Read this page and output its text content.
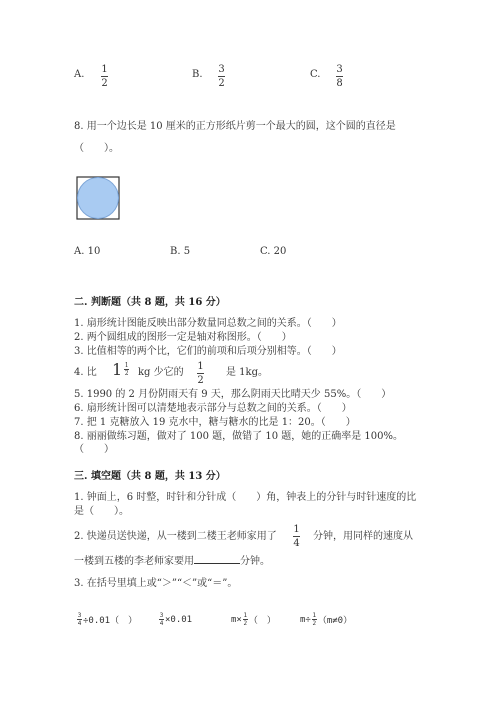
A. 1
2
B. 3
2
C. 3
8
8. 用一个边长是 10 厘米的正方形纸片剪一个最大的圆，这个圆的直径是
（　　）。
A. 10	B. 5	C. 20
二. 判断题（共 8 题，共 16 分）
1. 扇形统计图能反映出部分数量同总数之间的关系。（　　）
2. 两个圆组成的图形一定是轴对称图形。（　　）
3. 比值相等的两个比，它们的前项和后项分别相等。（　　）
4. 比 1 1
2 kg 少它的
1
2
是 1kg。
5. 1990 的 2 月份阴雨天有 9 天，那么阴雨天比晴天少 55%。（　　）
6. 扇形统计图可以清楚地表示部分与总数之间的关系。（　　）
7. 把 1 克糖放入 19 克水中，糖与糖水的比是 1：20。（　　）
8. 丽丽做练习题，做对了 100 题，做错了 10 题，她的正确率是 100%。
（　　）
三. 填空题（共 8 题，共 13 分）
1. 钟面上，6 时整，时针和分针成（　　）角，钟表上的分针与时针速度的比
是（　　）。
2. 快递员送快递，从一楼到二楼王老师家用了
1
4
分钟，用同样的速度从
一楼到五楼的李老师家要用	分钟。
3. 在括号里填上或“＞”“＜”或“＝”。
3
4 ÷0.01（　）
3
4 ×0.01	m× 1
2 （　）	m÷ 1
2 （m≠0）
